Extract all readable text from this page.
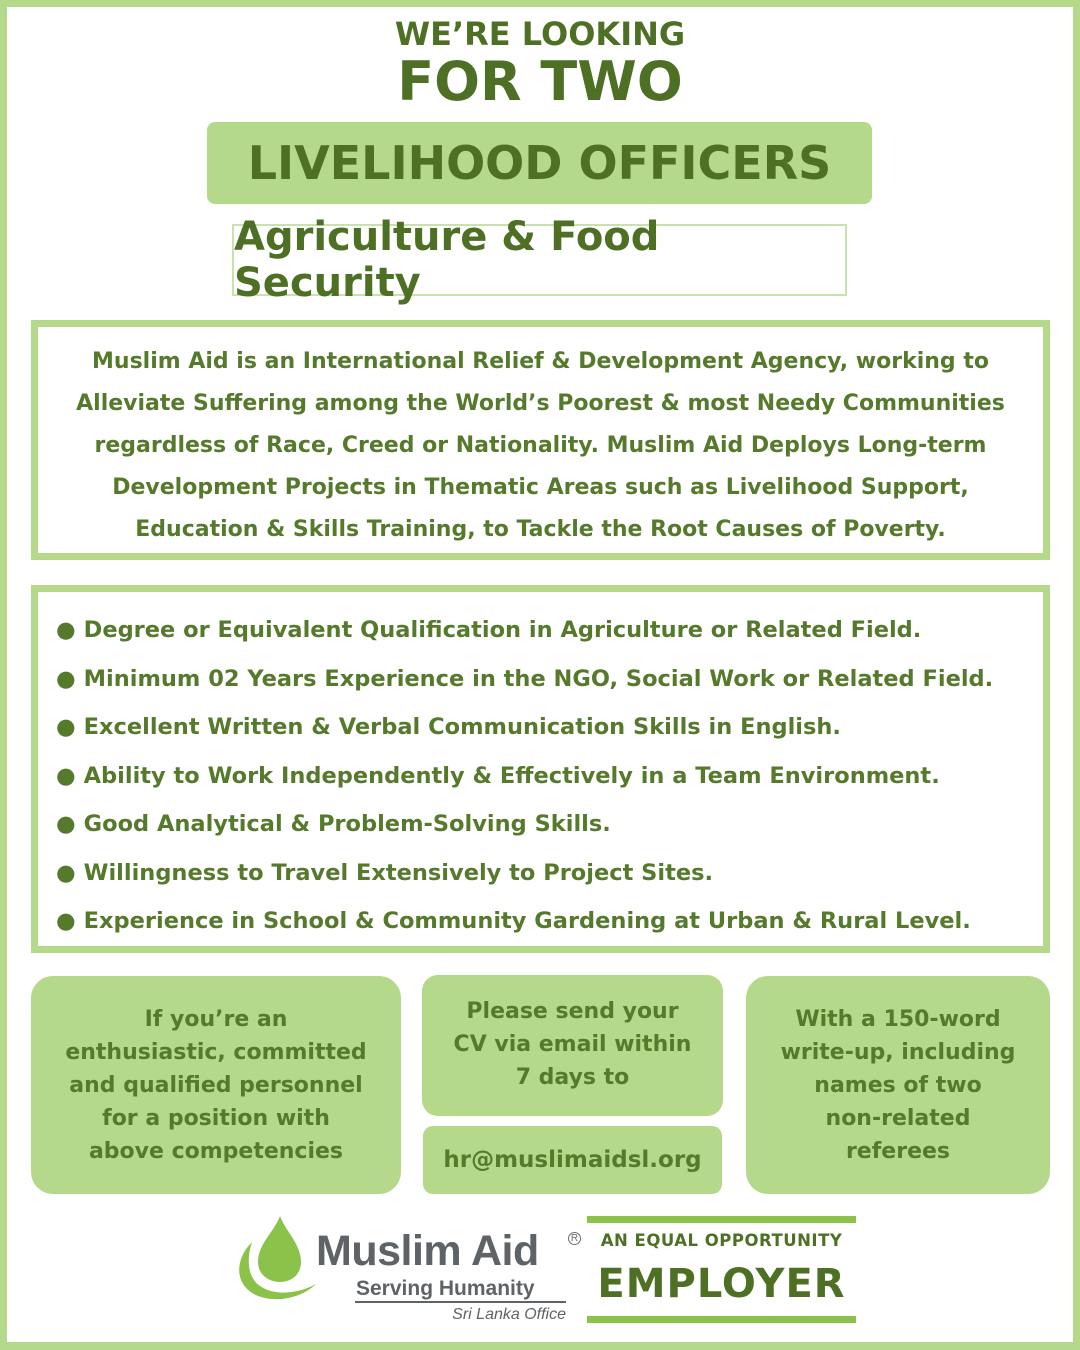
WE’RE LOOKING
FOR TWO
LIVELIHOOD OFFICERS
Agriculture & Food Security
Muslim Aid is an International Relief & Development Agency, working to
Alleviate Suffering among the World’s Poorest & most Needy Communities
regardless of Race, Creed or Nationality. Muslim Aid Deploys Long-term
Development Projects in Thematic Areas such as Livelihood Support,
Education & Skills Training, to Tackle the Root Causes of Poverty.
● Degree or Equivalent Qualification in Agriculture or Related Field.
● Minimum 02 Years Experience in the NGO, Social Work or Related Field.
● Excellent Written & Verbal Communication Skills in English.
● Ability to Work Independently & Effectively in a Team Environment.
● Good Analytical & Problem-Solving Skills.
● Willingness to Travel Extensively to Project Sites.
● Experience in School & Community Gardening at Urban & Rural Level.
If you’re an
enthusiastic, committed
and qualified personnel
for a position with
above competencies
Please send your
CV via email within
7 days to
hr@muslimaidsl.org
With a 150-word
write-up, including
names of two
non-related
referees
Muslim Aid	R
Serving Humanity
Sri Lanka Office
AN EQUAL OPPORTUNITY
EMPLOYER
